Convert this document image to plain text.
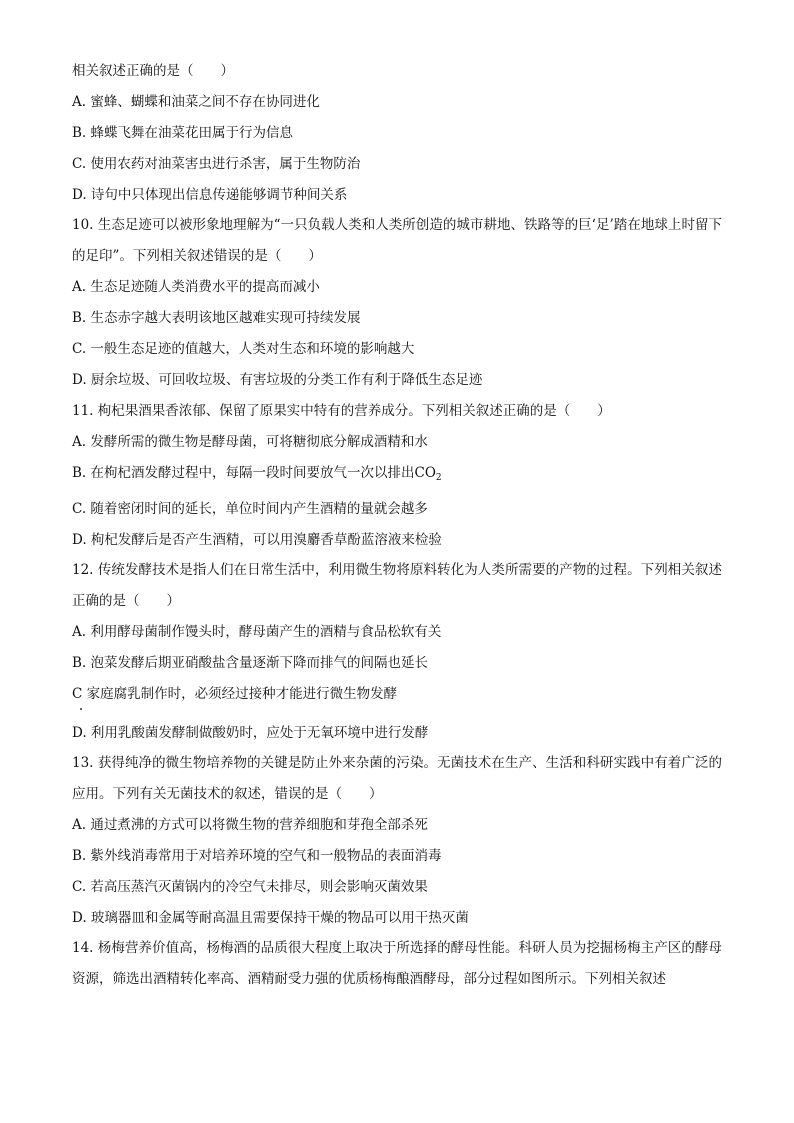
相关叙述正确的是（　　）

A. 蜜蜂、蝴蝶和油菜之间不存在协同进化

B. 蜂蝶飞舞在油菜花田属于行为信息

C. 使用农药对油菜害虫进行杀害，属于生物防治

D. 诗句中只体现出信息传递能够调节种间关系

10. 生态足迹可以被形象地理解为“一只负载人类和人类所创造的城市耕地、铁路等的巨‘足’踏在地球上时留下的足印”。下列相关叙述错误的是（　　）

A. 生态足迹随人类消费水平的提高而减小

B. 生态赤字越大表明该地区越难实现可持续发展

C. 一般生态足迹的值越大，人类对生态和环境的影响越大

D. 厨余垃圾、可回收垃圾、有害垃圾的分类工作有利于降低生态足迹

11. 枸杞果酒果香浓郁、保留了原果实中特有的营养成分。下列相关叙述正确的是（　　）

A. 发酵所需的微生物是酵母菌，可将糖彻底分解成酒精和水

B. 在枸杞酒发酵过程中，每隔一段时间要放气一次以排出$CO_2$

C. 随着密闭时间的延长，单位时间内产生酒精的量就会越多

D. 枸杞发酵后是否产生酒精，可以用溴麝香草酚蓝溶液来检验

12. 传统发酵技术是指人们在日常生活中，利用微生物将原料转化为人类所需要的产物的过程。下列相关叙述正确的是（　　）

A. 利用酵母菌制作馒头时，酵母菌产生的酒精与食品松软有关

B. 泡菜发酵后期亚硝酸盐含量逐渐下降而排气的间隔也延长

C 家庭腐乳制作时，必须经过接种才能进行微生物发酵

D. 利用乳酸菌发酵制做酸奶时，应处于无氧环境中进行发酵

13. 获得纯净的微生物培养物的关键是防止外来杂菌的污染。无菌技术在生产、生活和科研实践中有着广泛的应用。下列有关无菌技术的叙述，错误的是（　　）

A. 通过煮沸的方式可以将微生物的营养细胞和芽孢全部杀死

B. 紫外线消毒常用于对培养环境的空气和一般物品的表面消毒

C. 若高压蒸汽灭菌锅内的冷空气未排尽，则会影响灭菌效果

D. 玻璃器皿和金属等耐高温且需要保持干燥的物品可以用干热灭菌

14. 杨梅营养价值高，杨梅酒的品质很大程度上取决于所选择的酵母性能。科研人员为挖掘杨梅主产区的酵母资源，筛选出酒精转化率高、酒精耐受力强的优质杨梅酿酒酵母，部分过程如图所示。下列相关叙述
